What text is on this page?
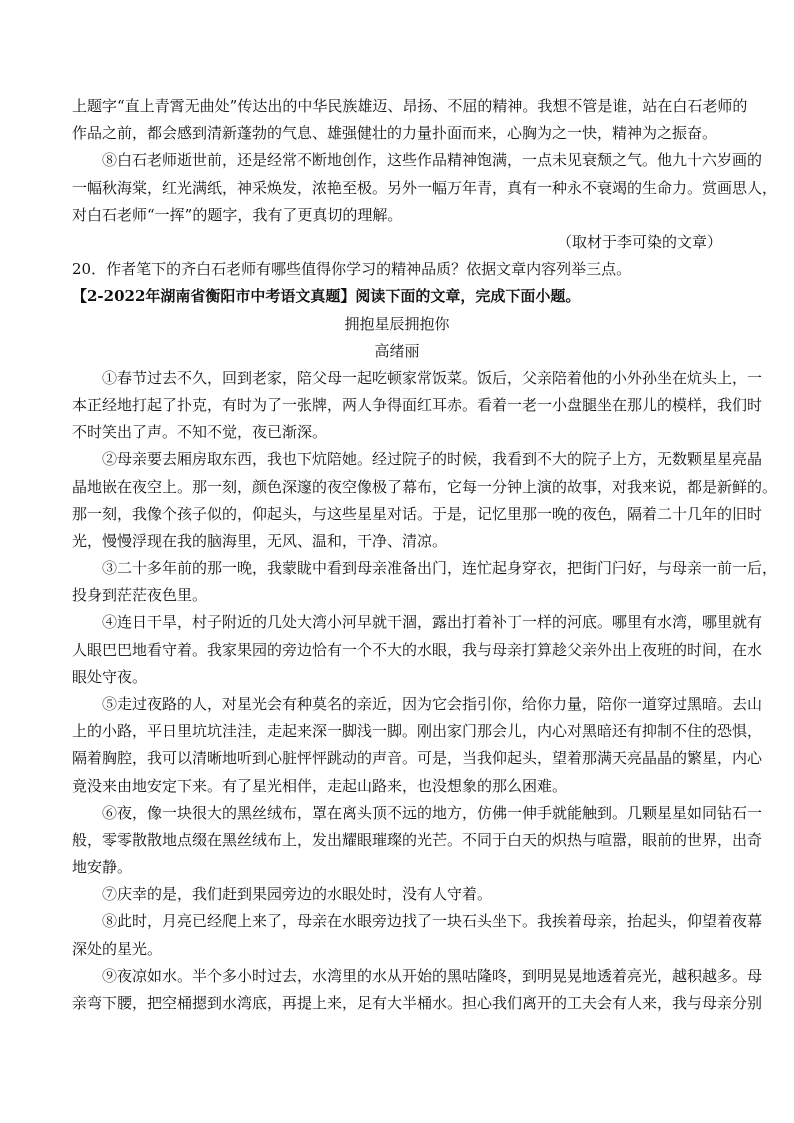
上题字“直上青霄无曲处”传达出的中华民族雄迈、昂扬、不屈的精神。我想不管是谁，站在白石老师的
作品之前，都会感到清新蓬勃的气息、雄强健壮的力量扑面而来，心胸为之一快，精神为之振奋。
⑧白石老师逝世前，还是经常不断地创作，这些作品精神饱满，一点未见衰颓之气。他九十六岁画的
一幅秋海棠，红光满纸，神采焕发，浓艳至极。另外一幅万年青，真有一种永不衰竭的生命力。赏画思人，
对白石老师“一挥”的题字，我有了更真切的理解。
（取材于李可染的文章）
20．作者笔下的齐白石老师有哪些值得你学习的精神品质？依据文章内容列举三点。
【2-2022年湖南省衡阳市中考语文真题】阅读下面的文章，完成下面小题。
拥抱星辰拥抱你
高绪丽
①春节过去不久，回到老家，陪父母一起吃顿家常饭菜。饭后，父亲陪着他的小外孙坐在炕头上，一
本正经地打起了扑克，有时为了一张牌，两人争得面红耳赤。看着一老一小盘腿坐在那儿的模样，我们时
不时笑出了声。不知不觉，夜已渐深。
②母亲要去厢房取东西，我也下炕陪她。经过院子的时候，我看到不大的院子上方，无数颗星星亮晶
晶地嵌在夜空上。那一刻，颜色深邃的夜空像极了幕布，它每一分钟上演的故事，对我来说，都是新鲜的。
那一刻，我像个孩子似的，仰起头，与这些星星对话。于是，记忆里那一晚的夜色，隔着二十几年的旧时
光，慢慢浮现在我的脑海里，无风、温和，干净、清凉。
③二十多年前的那一晚，我蒙眬中看到母亲准备出门，连忙起身穿衣，把街门闩好，与母亲一前一后，
投身到茫茫夜色里。
④连日干旱，村子附近的几处大湾小河早就干涸，露出打着补丁一样的河底。哪里有水湾，哪里就有
人眼巴巴地看守着。我家果园的旁边恰有一个不大的水眼，我与母亲打算趁父亲外出上夜班的时间，在水
眼处守夜。
⑤走过夜路的人，对星光会有种莫名的亲近，因为它会指引你，给你力量，陪你一道穿过黑暗。去山
上的小路，平日里坑坑洼洼，走起来深一脚浅一脚。刚出家门那会儿，内心对黑暗还有抑制不住的恐惧，
隔着胸腔，我可以清晰地听到心脏怦怦跳动的声音。可是，当我仰起头，望着那满天亮晶晶的繁星，内心
竟没来由地安定下来。有了星光相伴，走起山路来，也没想象的那么困难。
⑥夜，像一块很大的黑丝绒布，罩在离头顶不远的地方，仿佛一伸手就能触到。几颗星星如同钻石一
般，零零散散地点缀在黑丝绒布上，发出耀眼璀璨的光芒。不同于白天的炽热与喧嚣，眼前的世界，出奇
地安静。
⑦庆幸的是，我们赶到果园旁边的水眼处时，没有人守着。
⑧此时，月亮已经爬上来了，母亲在水眼旁边找了一块石头坐下。我挨着母亲，抬起头，仰望着夜幕
深处的星光。
⑨夜凉如水。半个多小时过去，水湾里的水从开始的黑咕隆咚，到明晃晃地透着亮光，越积越多。母
亲弯下腰，把空桶摁到水湾底，再提上来，足有大半桶水。担心我们离开的工夫会有人来，我与母亲分别
